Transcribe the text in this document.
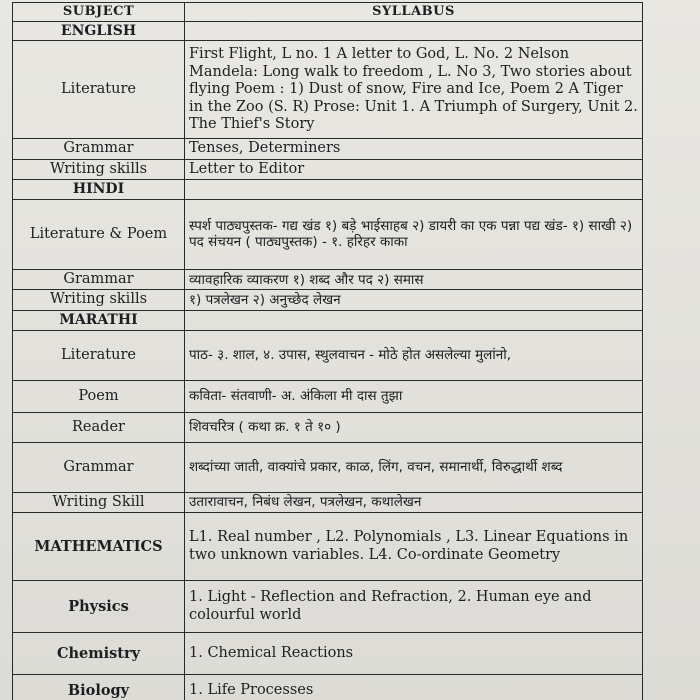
SUBJECT	SYLLABUS
ENGLISH	
Literature	First Flight, L no. 1 A letter to God, L. No. 2 Nelson Mandela: Long walk to freedom , L. No 3, Two stories about flying Poem : 1) Dust of snow, Fire and Ice, Poem 2 A Tiger in the Zoo (S. R) Prose: Unit 1. A Triumph of Surgery, Unit 2. The Thief's Story
Grammar	Tenses, Determiners
Writing skills	Letter to Editor
HINDI	
Literature & Poem	स्पर्श पाठ्यपुस्तक- गद्य खंड १) बड़े भाईसाहब २) डायरी का एक पन्ना पद्य खंड- १) साखी २) पद संचयन ( पाठ्यपुस्तक) - १. हरिहर काका
Grammar	व्यावहारिक व्याकरण १) शब्द और पद २) समास
Writing skills	१) पत्रलेखन २) अनुच्छेद लेखन
MARATHI	
Literature	पाठ- ३. शाल, ४. उपास, स्थुलवाचन - मोठे होत असलेल्या मुलांनो,
Poem	कविता- संतवाणी- अ. अंकिला मी दास तुझा
Reader	शिवचरित्र ( कथा क्र. १ ते १० )
Grammar	शब्दांच्या जाती, वाक्यांचे प्रकार, काळ, लिंग, वचन, समानार्थी, विरुद्धार्थी शब्द
Writing Skill	उतारावाचन, निबंध लेखन, पत्रलेखन, कथालेखन
MATHEMATICS	L1. Real number , L2. Polynomials , L3. Linear Equations in two unknown variables. L4. Co-ordinate Geometry
Physics	1. Light - Reflection and Refraction, 2. Human eye and colourful world
Chemistry	1. Chemical Reactions
Biology	1. Life Processes
